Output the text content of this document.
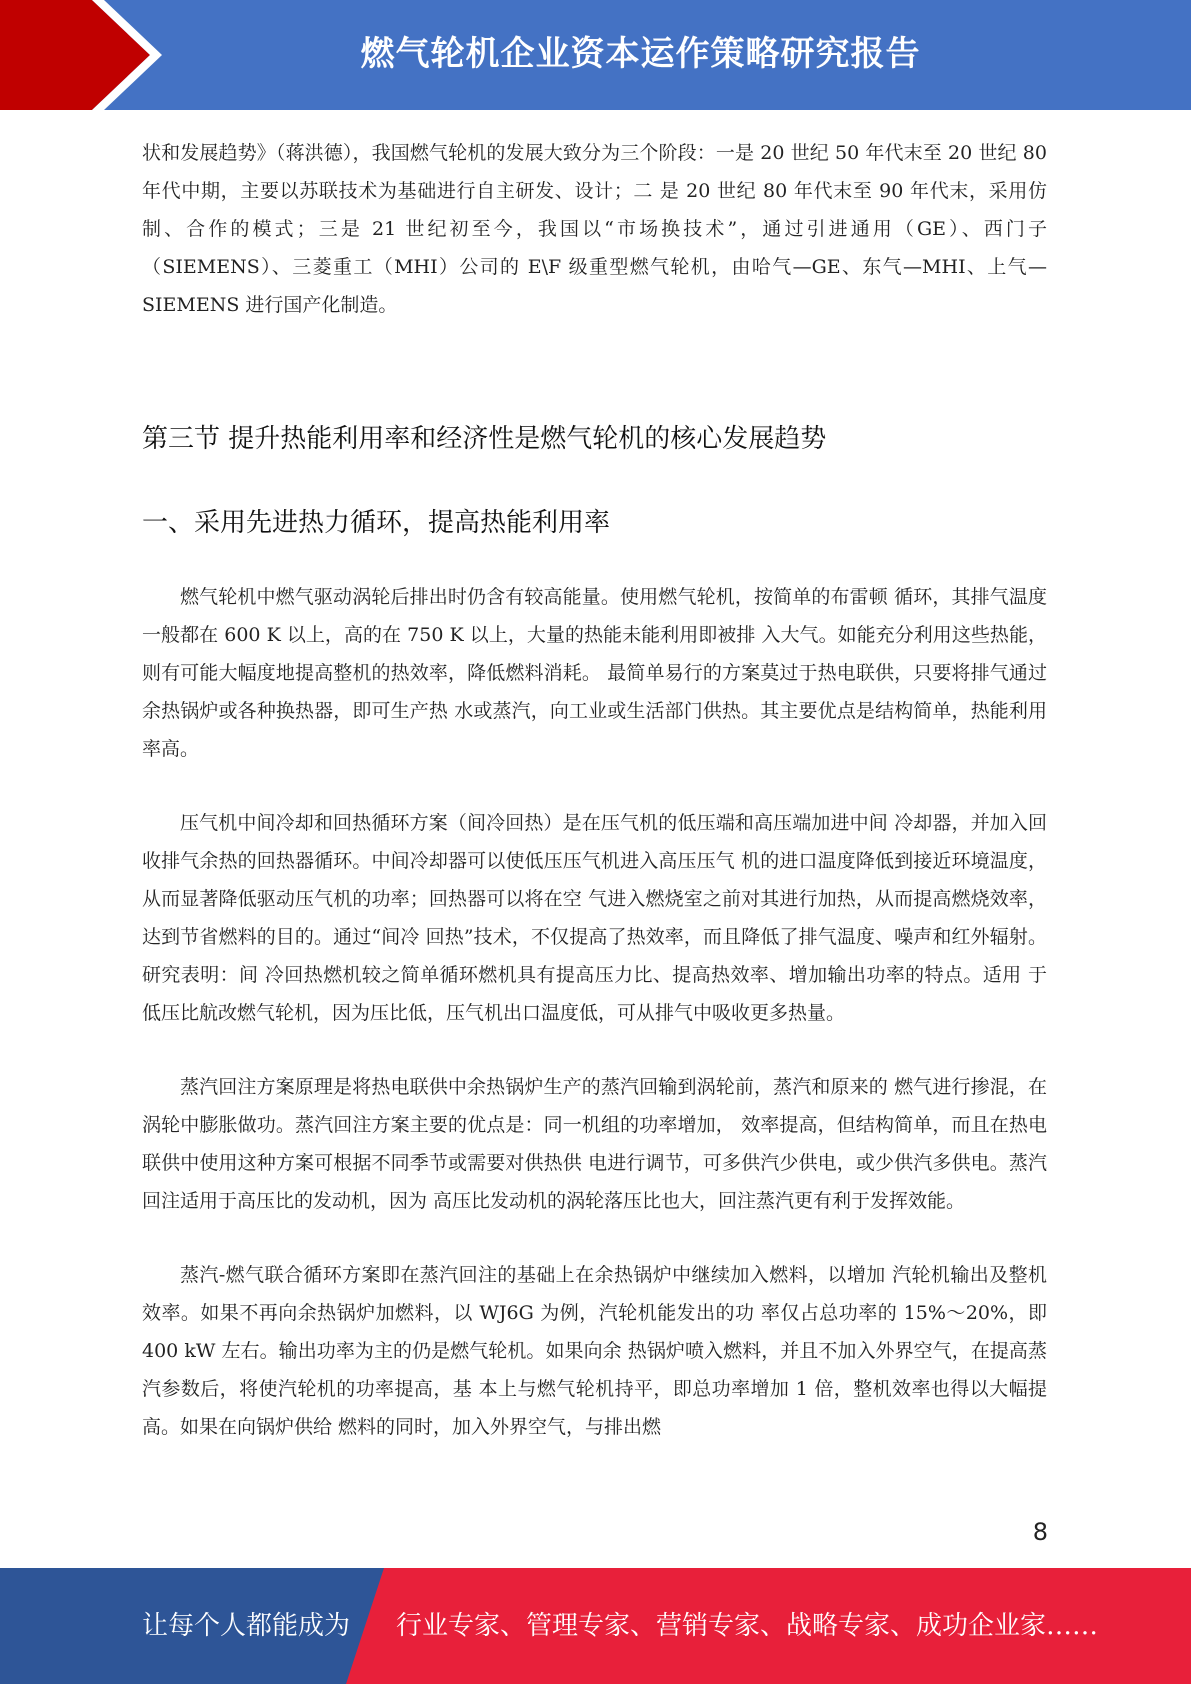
燃气轮机企业资本运作策略研究报告

状和发展趋势》（蒋洪德），我国燃气轮机的发展大致分为三个阶段：一是 20 世纪 50 年代末至 20 世纪 80 年代中期，主要以苏联技术为基础进行自主研发、设计；二 是 20 世纪 80 年代末至 90 年代末，采用仿制、合作的模式；三是 21 世纪初至今，我国以“市场换技术”，通过引进通用（GE）、西门子（SIEMENS）、三菱重工（MHI）公司的 E\F 级重型燃气轮机，由哈气—GE、东气—MHI、上气—SIEMENS 进行国产化制造。

第三节 提升热能利用率和经济性是燃气轮机的核心发展趋势
一、采用先进热力循环，提高热能利用率

燃气轮机中燃气驱动涡轮后排出时仍含有较高能量。使用燃气轮机，按简单的布雷顿 循环，其排气温度一般都在 600 K 以上，高的在 750 K 以上，大量的热能未能利用即被排 入大气。如能充分利用这些热能，则有可能大幅度地提高整机的热效率，降低燃料消耗。 最简单易行的方案莫过于热电联供，只要将排气通过余热锅炉或各种换热器，即可生产热 水或蒸汽，向工业或生活部门供热。其主要优点是结构简单，热能利用率高。

压气机中间冷却和回热循环方案（间冷回热）是在压气机的低压端和高压端加进中间 冷却器，并加入回收排气余热的回热器循环。中间冷却器可以使低压压气机进入高压压气 机的进口温度降低到接近环境温度，从而显著降低驱动压气机的功率；回热器可以将在空 气进入燃烧室之前对其进行加热，从而提高燃烧效率，达到节省燃料的目的。通过“间冷 回热”技术，不仅提高了热效率，而且降低了排气温度、噪声和红外辐射。研究表明：间 冷回热燃机较之简单循环燃机具有提高压力比、提高热效率、增加输出功率的特点。适用 于低压比航改燃气轮机，因为压比低，压气机出口温度低，可从排气中吸收更多热量。

蒸汽回注方案原理是将热电联供中余热锅炉生产的蒸汽回输到涡轮前，蒸汽和原来的 燃气进行掺混，在涡轮中膨胀做功。蒸汽回注方案主要的优点是：同一机组的功率增加， 效率提高，但结构简单，而且在热电联供中使用这种方案可根据不同季节或需要对供热供 电进行调节，可多供汽少供电，或少供汽多供电。蒸汽回注适用于高压比的发动机，因为 高压比发动机的涡轮落压比也大，回注蒸汽更有利于发挥效能。

蒸汽-燃气联合循环方案即在蒸汽回注的基础上在余热锅炉中继续加入燃料，以增加 汽轮机输出及整机效率。如果不再向余热锅炉加燃料，以 WJ6G 为例，汽轮机能发出的功 率仅占总功率的 15%～20%，即 400 kW 左右。输出功率为主的仍是燃气轮机。如果向余 热锅炉喷入燃料，并且不加入外界空气，在提高蒸汽参数后，将使汽轮机的功率提高，基 本上与燃气轮机持平，即总功率增加 1 倍，整机效率也得以大幅提高。如果在向锅炉供给 燃料的同时，加入外界空气，与排出燃

8
让每个人都能成为 行业专家、管理专家、营销专家、战略专家、成功企业家……
